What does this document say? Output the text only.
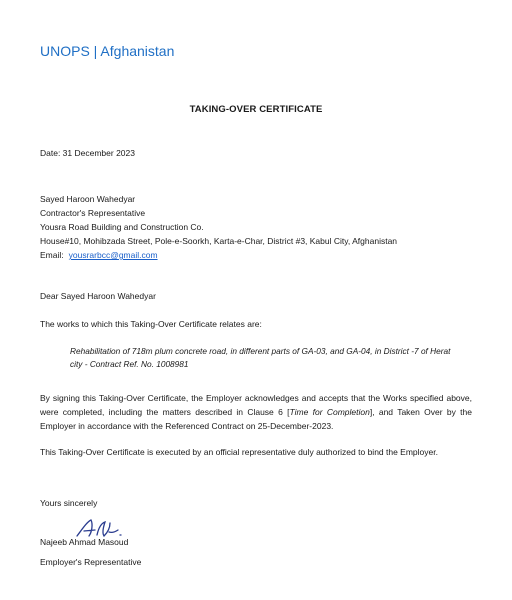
UNOPS | Afghanistan
TAKING-OVER CERTIFICATE
Date: 31 December 2023
Sayed Haroon Wahedyar
Contractor's Representative
Yousra Road Building and Construction Co.
House#10, Mohibzada Street, Pole-e-Soorkh, Karta-e-Char, District #3, Kabul City, Afghanistan
Email: yousrarbcc@gmail.com
Dear Sayed Haroon Wahedyar
The works to which this Taking-Over Certificate relates are:
Rehabilitation of 718m plum concrete road, in different parts of GA-03, and GA-04, in District -7 of Herat city - Contract Ref. No. 1008981
By signing this Taking-Over Certificate, the Employer acknowledges and accepts that the Works specified above, were completed, including the matters described in Clause 6 [Time for Completion], and Taken Over by the Employer in accordance with the Referenced Contract on 25-December-2023.
This Taking-Over Certificate is executed by an official representative duly authorized to bind the Employer.
Yours sincerely
Najeeb Ahmad Masoud
Employer's Representative
